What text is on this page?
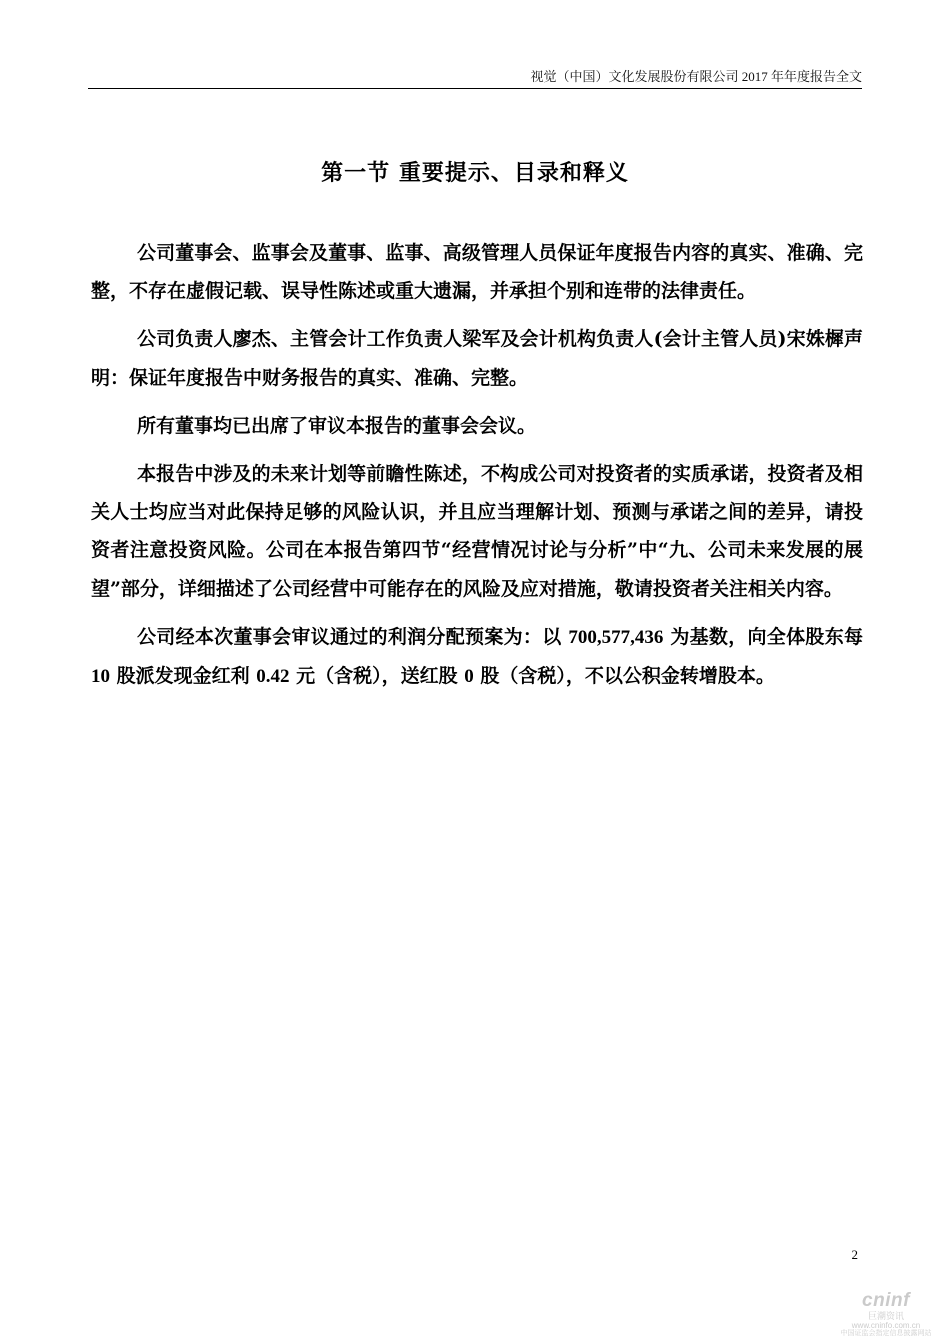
视觉（中国）文化发展股份有限公司 2017 年年度报告全文
第一节 重要提示、目录和释义

公司董事会、监事会及董事、监事、高级管理人员保证年度报告内容的真实、准确、完整，不存在虚假记载、误导性陈述或重大遗漏，并承担个别和连带的法律责任。

公司负责人廖杰、主管会计工作负责人梁军及会计机构负责人(会计主管人员)宋姝樨声明：保证年度报告中财务报告的真实、准确、完整。

所有董事均已出席了审议本报告的董事会会议。

本报告中涉及的未来计划等前瞻性陈述，不构成公司对投资者的实质承诺，投资者及相关人士均应当对此保持足够的风险认识，并且应当理解计划、预测与承诺之间的差异，请投资者注意投资风险。公司在本报告第四节“经营情况讨论与分析”中“九、公司未来发展的展望”部分，详细描述了公司经营中可能存在的风险及应对措施，敬请投资者关注相关内容。

公司经本次董事会审议通过的利润分配预案为：以 700,577,436 为基数，向全体股东每 10 股派发现金红利 0.42 元（含税），送红股 0 股（含税），不以公积金转增股本。

2
cninf
巨潮资讯
www.cninfo.com.cn
中国证监会指定信息披露网站
